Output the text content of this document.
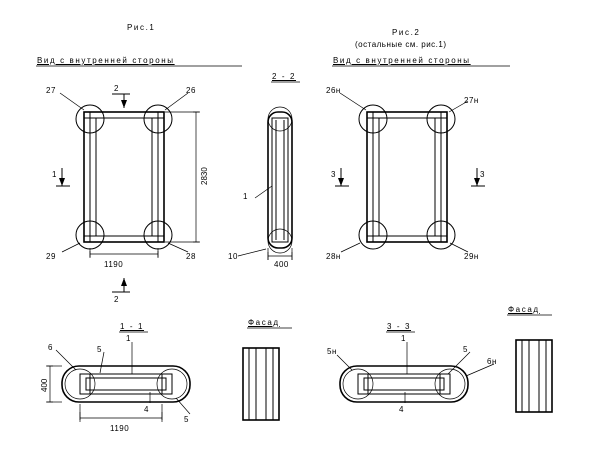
Рис.1
Вид с внутренней стороны
Рис.2
(остальные см. рис.1)
Вид с внутренней стороны
2 - 2
1 - 1	3 - 3
Фасад
Фасад
27	26
29	28
2830
1190
1
2
2
1
10
400
26н
27н
28н	29н
3	3
6	5
1
4
5
400
1190
5н
1
5
6н
4
